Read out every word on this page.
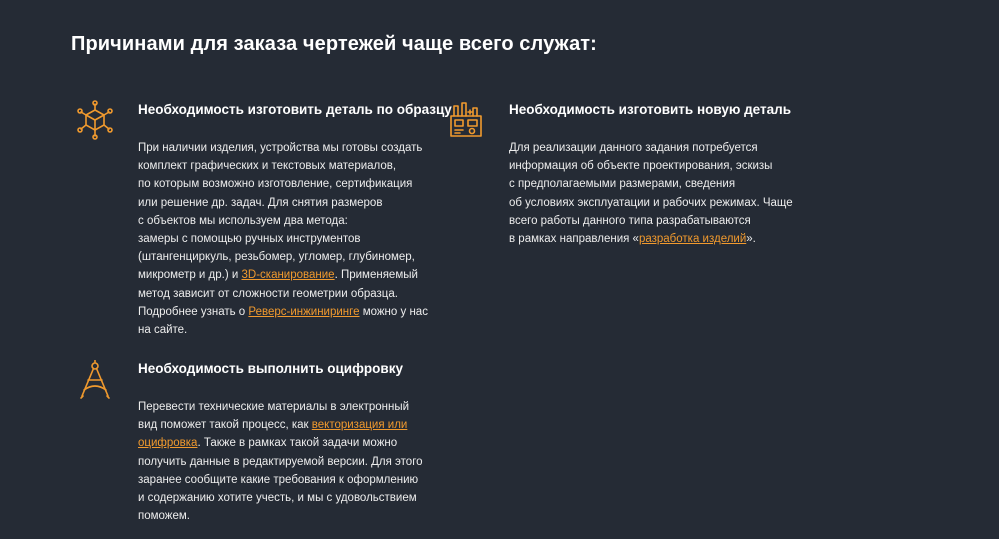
Причинами для заказа чертежей чаще всего служат:
Необходимость изготовить деталь по образцу
При наличии изделия, устройства мы готовы создать
комплект графических и текстовых материалов,
по которым возможно изготовление, сертификация
или решение др. задач. Для снятия размеров
с объектов мы используем два метода:
замеры с помощью ручных инструментов
(штангенциркуль, резьбомер, угломер, глубиномер,
микрометр и др.) и 3D-сканирование. Применяемый
метод зависит от сложности геометрии образца.
Подробнее узнать о Реверс-инжиниринге можно у нас
на сайте.
Необходимость изготовить новую деталь
Для реализации данного задания потребуется
информация об объекте проектирования, эскизы
с предполагаемыми размерами, сведения
об условиях эксплуатации и рабочих режимах. Чаще
всего работы данного типа разрабатываются
в рамках направления «разработка изделий».
Необходимость выполнить оцифровку
Перевести технические материалы в электронный
вид поможет такой процесс, как векторизация или
оцифровка. Также в рамках такой задачи можно
получить данные в редактируемой версии. Для этого
заранее сообщите какие требования к оформлению
и содержанию хотите учесть, и мы с удовольствием
поможем.
